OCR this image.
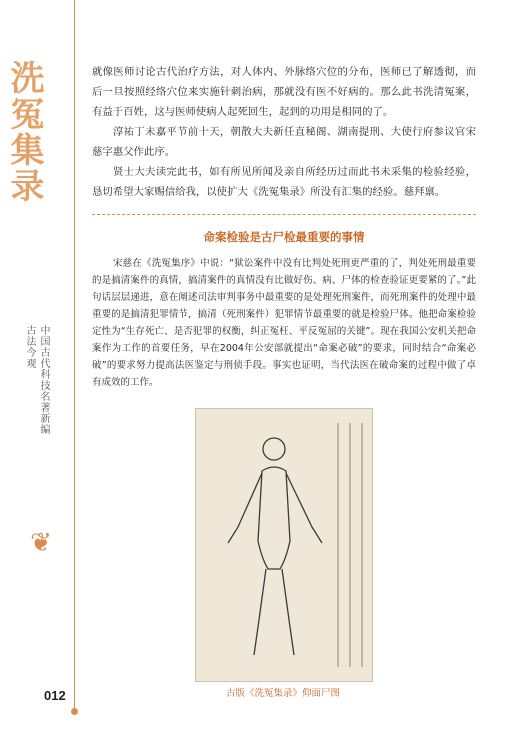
洗冤集录
古法今观 中国古代科技名著新编
❦
012

就像医师讨论古代治疗方法，对人体内、外脉络穴位的分布，医师已了解透彻，而后一旦按照经络穴位来实施针刺治病，那就没有医不好病的。那么此书洗清冤案，有益于百姓，这与医师使病人起死回生，起到的功用是相同的了。

淳祐丁未嘉平节前十天，朝散大夫新任直秘阁、湖南提刑、大使行府参议官宋慈字惠父作此序。

贤士大夫读完此书，如有所见所闻及亲自所经历过而此书未采集的检验经验，恳切希望大家赐信给我，以使扩大《洗冤集录》所没有汇集的经验。慈拜禀。

命案检验是古尸检最重要的事情

宋慈在《洗冤集序》中说：“狱讼案件中没有比判处死刑更严重的了，判处死刑最重要的是搞清案件的真情，搞清案件的真情没有比做好伤、病、尸体的检查验证更要紧的了。”此句话层层递进，意在阐述司法审判事务中最重要的是处理死刑案件，而死刑案件的处理中最重要的是搞清犯罪情节，搞清（死刑案件）犯罪情节最重要的就是检验尸体。他把命案检验定性为“生存死亡、是否犯罪的权衡，纠正冤枉、平反冤屈的关键”。现在我国公安机关把命案作为工作的首要任务，早在2004年公安部就提出“命案必破”的要求，同时结合“命案必破”的要求努力提高法医鉴定与刑侦手段。事实也证明，当代法医在破命案的过程中做了卓有成效的工作。

古版《洗冤集录》仰面尸图
